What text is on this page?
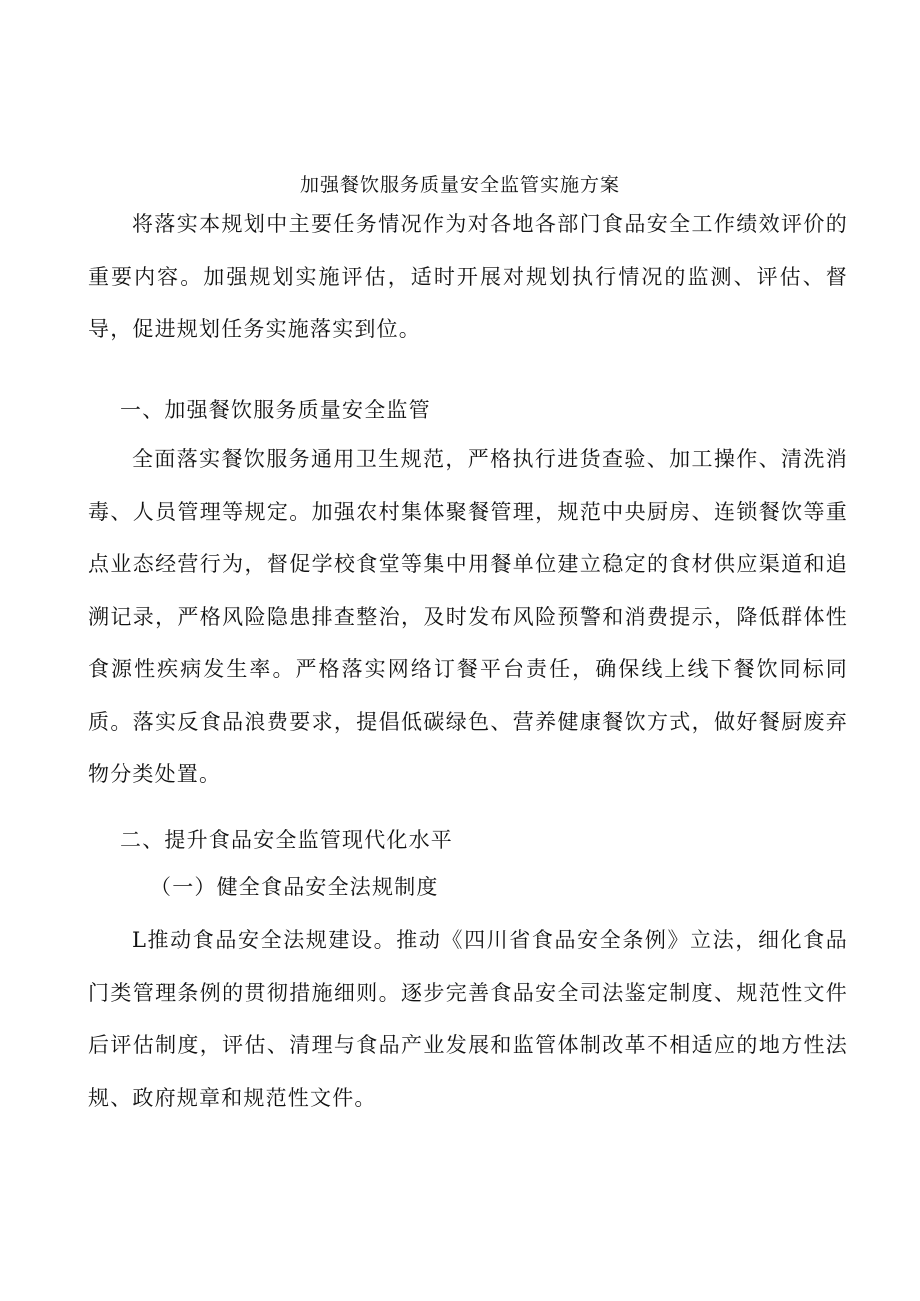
加强餐饮服务质量安全监管实施方案

将落实本规划中主要任务情况作为对各地各部门食品安全工作绩效评价的重要内容。加强规划实施评估，适时开展对规划执行情况的监测、评估、督导，促进规划任务实施落实到位。

一、加强餐饮服务质量安全监管

全面落实餐饮服务通用卫生规范，严格执行进货查验、加工操作、清洗消毒、人员管理等规定。加强农村集体聚餐管理，规范中央厨房、连锁餐饮等重点业态经营行为，督促学校食堂等集中用餐单位建立稳定的食材供应渠道和追溯记录，严格风险隐患排查整治，及时发布风险预警和消费提示，降低群体性食源性疾病发生率。严格落实网络订餐平台责任，确保线上线下餐饮同标同质。落实反食品浪费要求，提倡低碳绿色、营养健康餐饮方式，做好餐厨废弃物分类处置。

二、提升食品安全监管现代化水平

（一）健全食品安全法规制度

L推动食品安全法规建设。推动《四川省食品安全条例》立法，细化食品门类管理条例的贯彻措施细则。逐步完善食品安全司法鉴定制度、规范性文件后评估制度，评估、清理与食品产业发展和监管体制改革不相适应的地方性法规、政府规章和规范性文件。
